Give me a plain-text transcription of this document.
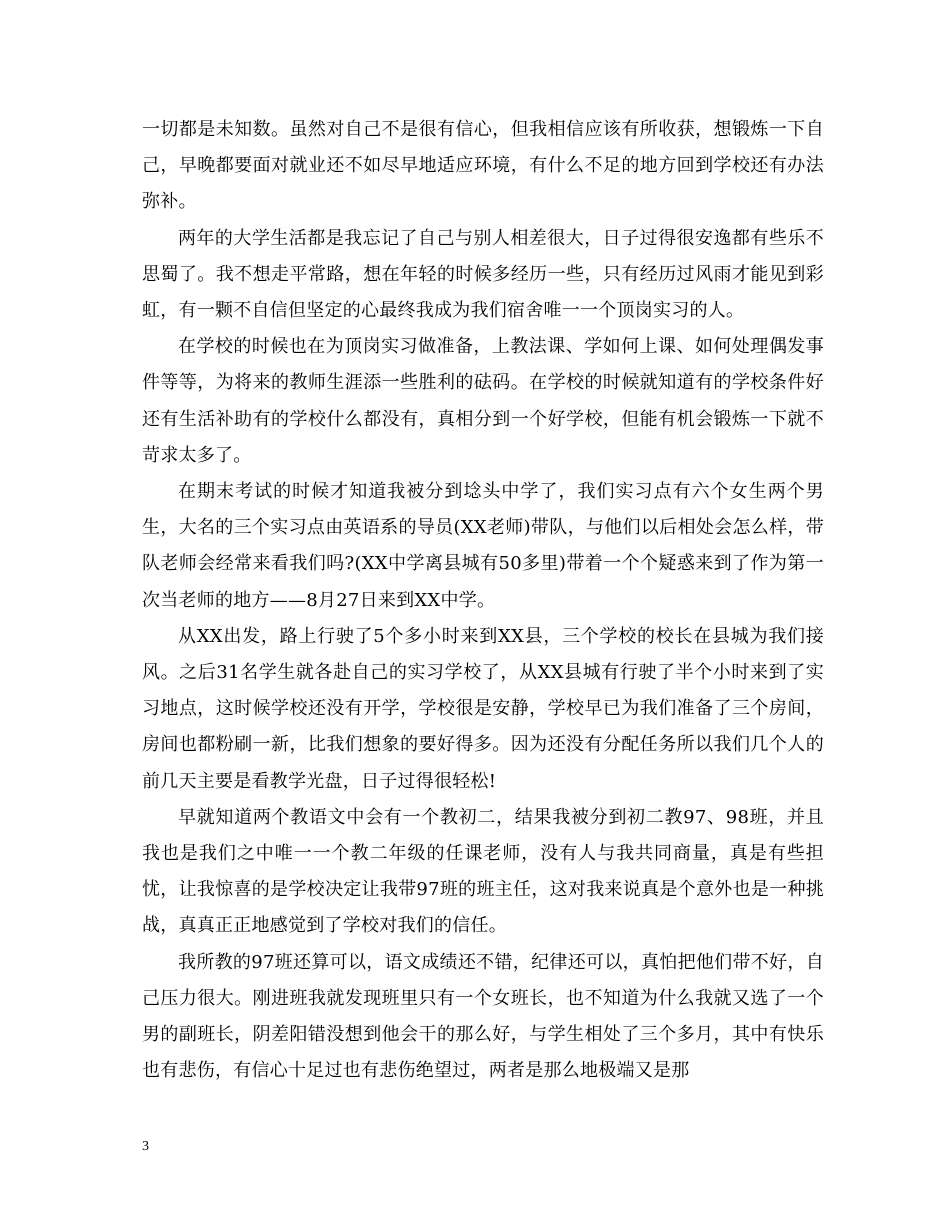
一切都是未知数。虽然对自己不是很有信心，但我相信应该有所收获，想锻炼一下自己，早晚都要面对就业还不如尽早地适应环境，有什么不足的地方回到学校还有办法弥补。

两年的大学生活都是我忘记了自己与别人相差很大，日子过得很安逸都有些乐不思蜀了。我不想走平常路，想在年轻的时候多经历一些，只有经历过风雨才能见到彩虹，有一颗不自信但坚定的心最终我成为我们宿舍唯一一个顶岗实习的人。

在学校的时候也在为顶岗实习做准备，上教法课、学如何上课、如何处理偶发事件等等，为将来的教师生涯添一些胜利的砝码。在学校的时候就知道有的学校条件好还有生活补助有的学校什么都没有，真相分到一个好学校，但能有机会锻炼一下就不苛求太多了。

在期末考试的时候才知道我被分到埝头中学了，我们实习点有六个女生两个男生，大名的三个实习点由英语系的导员(XX老师)带队，与他们以后相处会怎么样，带队老师会经常来看我们吗?(XX中学离县城有50多里)带着一个个疑惑来到了作为第一次当老师的地方——8月27日来到XX中学。

从XX出发，路上行驶了5个多小时来到XX县，三个学校的校长在县城为我们接风。之后31名学生就各赴自己的实习学校了，从XX县城有行驶了半个小时来到了实习地点，这时候学校还没有开学，学校很是安静，学校早已为我们准备了三个房间，房间也都粉刷一新，比我们想象的要好得多。因为还没有分配任务所以我们几个人的前几天主要是看教学光盘，日子过得很轻松!

早就知道两个教语文中会有一个教初二，结果我被分到初二教97、98班，并且我也是我们之中唯一一个教二年级的任课老师，没有人与我共同商量，真是有些担忧，让我惊喜的是学校决定让我带97班的班主任，这对我来说真是个意外也是一种挑战，真真正正地感觉到了学校对我们的信任。

我所教的97班还算可以，语文成绩还不错，纪律还可以，真怕把他们带不好，自己压力很大。刚进班我就发现班里只有一个女班长，也不知道为什么我就又选了一个男的副班长，阴差阳错没想到他会干的那么好，与学生相处了三个多月，其中有快乐也有悲伤，有信心十足过也有悲伤绝望过，两者是那么地极端又是那

3
